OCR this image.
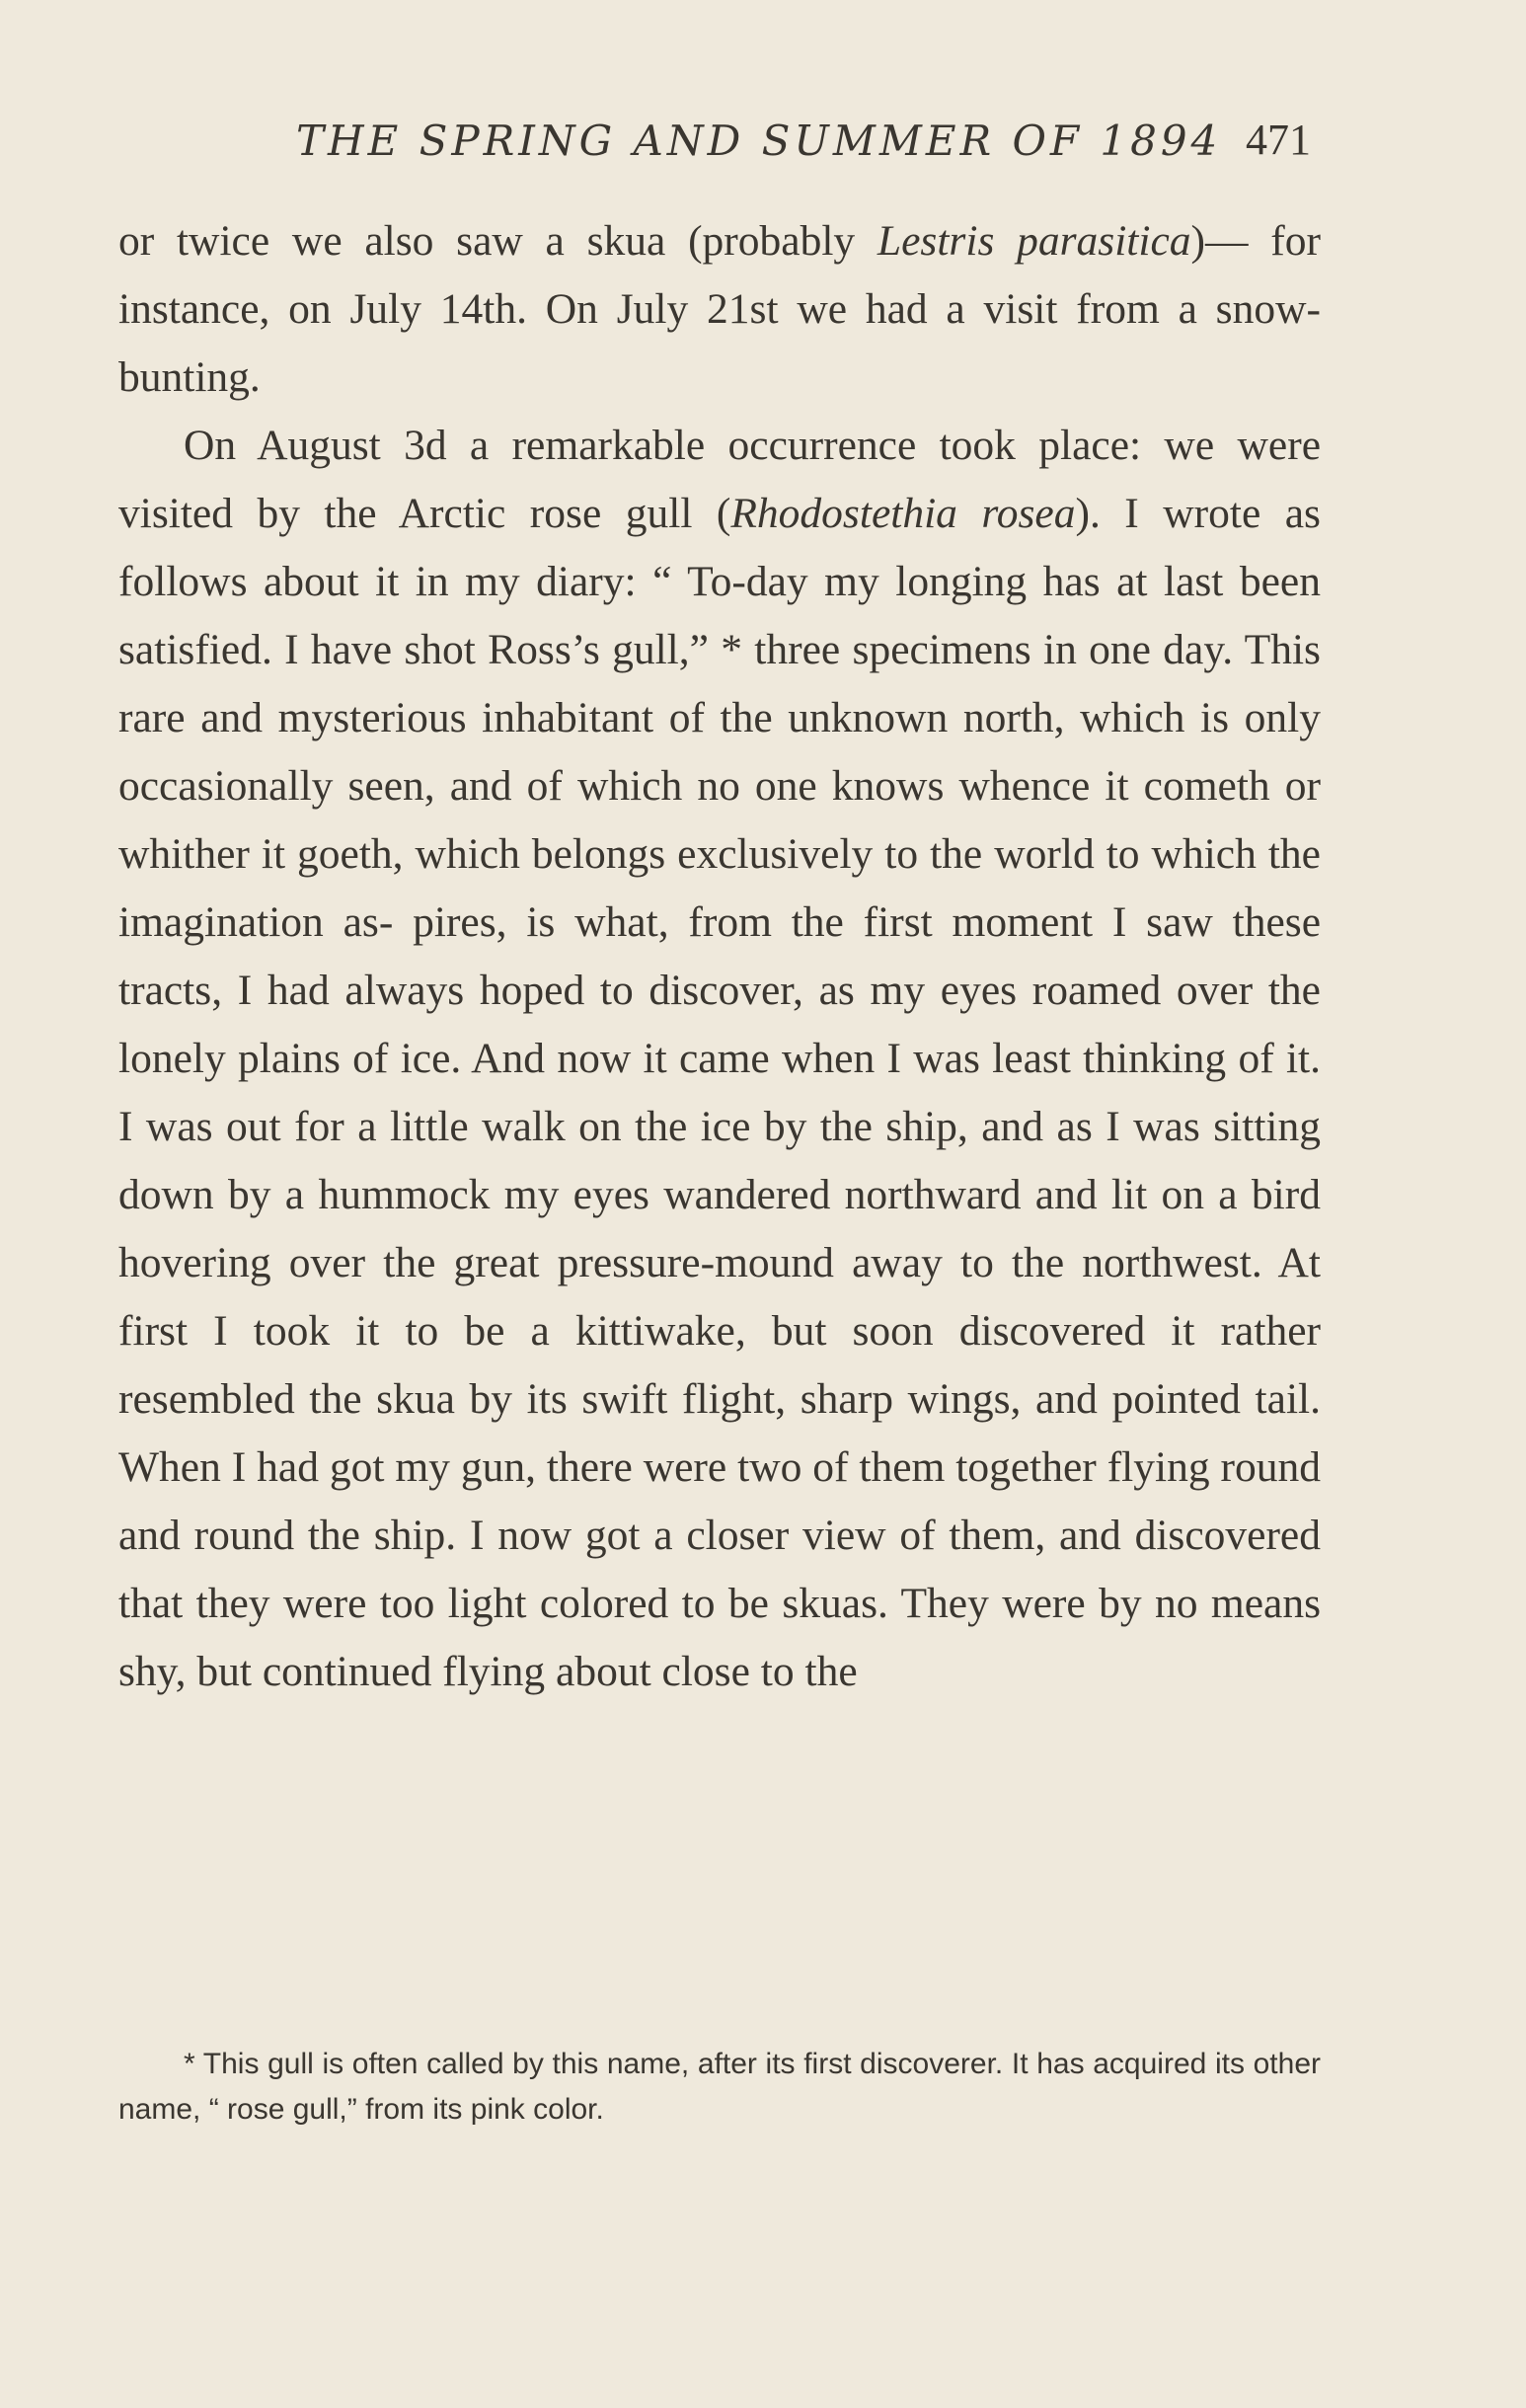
THE SPRING AND SUMMER OF 1894 471

or twice we also saw a skua (probably Lestris parasitica)— for instance, on July 14th. On July 21st we had a visit from a snow-bunting.

On August 3d a remarkable occurrence took place: we were visited by the Arctic rose gull (Rhodostethia rosea). I wrote as follows about it in my diary: “ To-day my longing has at last been satisfied. I have shot Ross’s gull,” * three specimens in one day. This rare and mysterious inhabitant of the unknown north, which is only occasionally seen, and of which no one knows whence it cometh or whither it goeth, which belongs exclusively to the world to which the imagination as- pires, is what, from the first moment I saw these tracts, I had always hoped to discover, as my eyes roamed over the lonely plains of ice. And now it came when I was least thinking of it. I was out for a little walk on the ice by the ship, and as I was sitting down by a hummock my eyes wandered northward and lit on a bird hovering over the great pressure-mound away to the northwest. At first I took it to be a kittiwake, but soon discovered it rather resembled the skua by its swift flight, sharp wings, and pointed tail. When I had got my gun, there were two of them together flying round and round the ship. I now got a closer view of them, and discovered that they were too light colored to be skuas. They were by no means shy, but continued flying about close to the

* This gull is often called by this name, after its first discoverer. It has acquired its other name, “ rose gull,” from its pink color.
